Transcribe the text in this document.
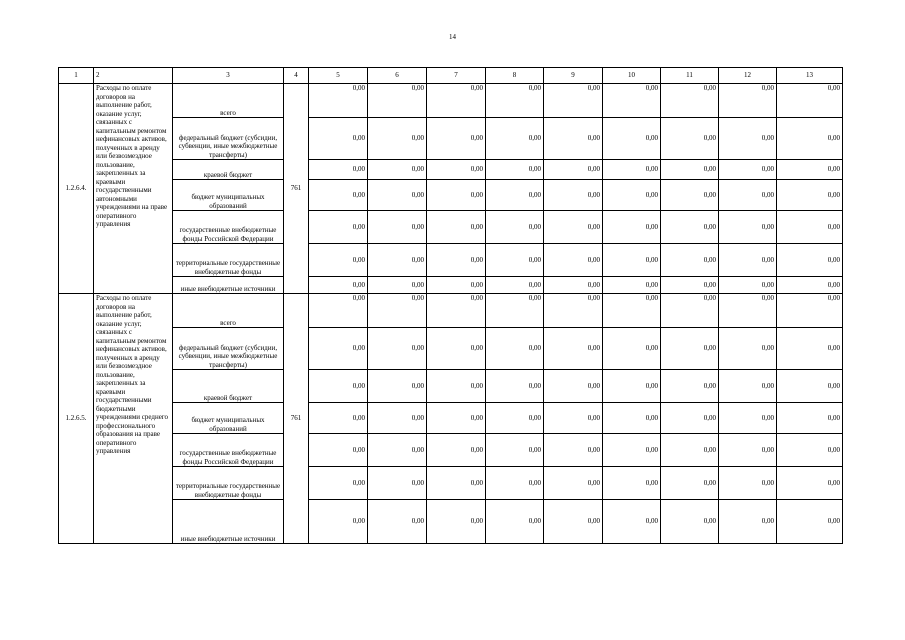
14
1	2	3	4	5	6	7	8	9	10	11	12	13
1.2.6.4.	Расходы по оплате договоров на выполнение работ, оказание услуг, связанных с капитальным ремонтом нефинансовых активов, полученных в аренду или безвозмездное пользование, закрепленных за краевыми государственными автономными учреждениями на праве оперативного управления	всего	761	0,00	0,00	0,00	0,00	0,00	0,00	0,00	0,00	0,00
		федеральный бюджет (субсидии, субвенции, иные межбюджетные трансферты)		0,00	0,00	0,00	0,00	0,00	0,00	0,00	0,00	0,00
		краевой бюджет		0,00	0,00	0,00	0,00	0,00	0,00	0,00	0,00	0,00
		бюджет муниципальных образований		0,00	0,00	0,00	0,00	0,00	0,00	0,00	0,00	0,00
		государственные внебюджетные фонды Российской Федерации		0,00	0,00	0,00	0,00	0,00	0,00	0,00	0,00	0,00
		территориальные государственные внебюджетные фонды		0,00	0,00	0,00	0,00	0,00	0,00	0,00	0,00	0,00
		иные внебюджетные источники		0,00	0,00	0,00	0,00	0,00	0,00	0,00	0,00	0,00
1.2.6.5.	Расходы по оплате договоров на выполнение работ, оказание услуг, связанных с капитальным ремонтом нефинансовых активов, полученных в аренду или безвозмездное пользование, закрепленных за краевыми государственными бюджетными учреждениями среднего профессионального образования на праве оперативного управления	всего	761	0,00	0,00	0,00	0,00	0,00	0,00	0,00	0,00	0,00
		федеральный бюджет (субсидии, субвенции, иные межбюджетные трансферты)		0,00	0,00	0,00	0,00	0,00	0,00	0,00	0,00	0,00
		краевой бюджет		0,00	0,00	0,00	0,00	0,00	0,00	0,00	0,00	0,00
		бюджет муниципальных образований		0,00	0,00	0,00	0,00	0,00	0,00	0,00	0,00	0,00
		государственные внебюджетные фонды Российской Федерации		0,00	0,00	0,00	0,00	0,00	0,00	0,00	0,00	0,00
		территориальные государственные внебюджетные фонды		0,00	0,00	0,00	0,00	0,00	0,00	0,00	0,00	0,00
		иные внебюджетные источники		0,00	0,00	0,00	0,00	0,00	0,00	0,00	0,00	0,00
